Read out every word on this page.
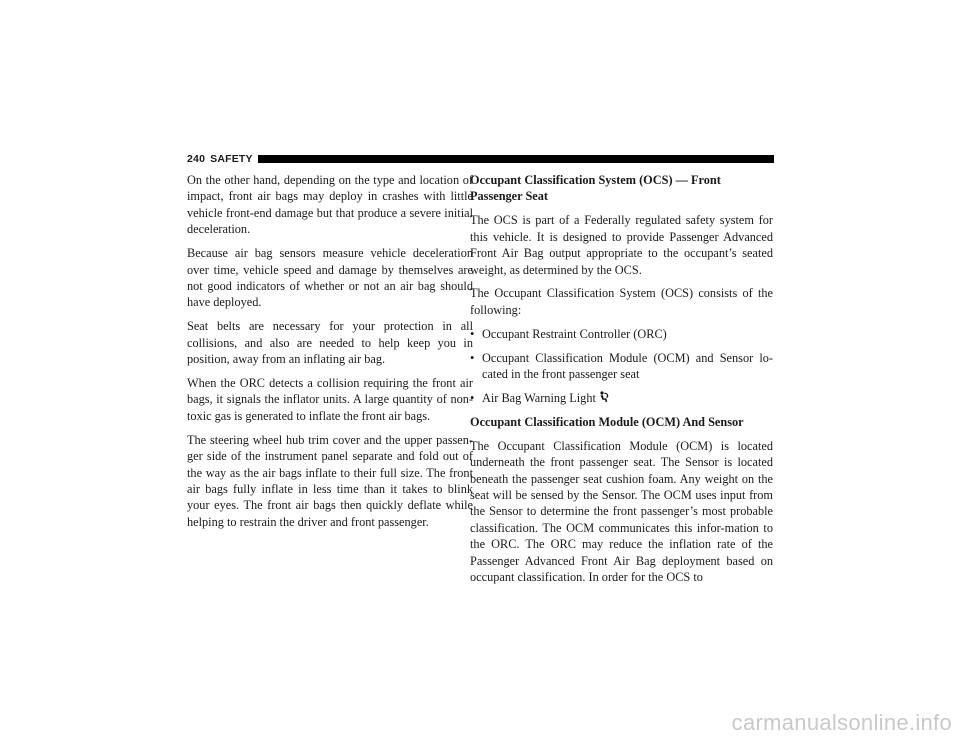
240 SAFETY

On the other hand, depending on the type and location of impact, front air bags may deploy in crashes with little vehicle front-end damage but that produce a severe initial deceleration.

Because air bag sensors measure vehicle deceleration over time, vehicle speed and damage by themselves are not good indicators of whether or not an air bag should have deployed.

Seat belts are necessary for your protection in all collisions, and also are needed to help keep you in position, away from an inflating air bag.

When the ORC detects a collision requiring the front air bags, it signals the inflator units. A large quantity of non-toxic gas is generated to inflate the front air bags.

The steering wheel hub trim cover and the upper passen-ger side of the instrument panel separate and fold out of the way as the air bags inflate to their full size. The front air bags fully inflate in less time than it takes to blink your eyes. The front air bags then quickly deflate while helping to restrain the driver and front passenger.

Occupant Classification System (OCS) — Front Passenger Seat

The OCS is part of a Federally regulated safety system for this vehicle. It is designed to provide Passenger Advanced Front Air Bag output appropriate to the occupant’s seated weight, as determined by the OCS.

The Occupant Classification System (OCS) consists of the following:

• Occupant Restraint Controller (ORC)
• Occupant Classification Module (OCM) and Sensor lo-cated in the front passenger seat
• Air Bag Warning Light
Occupant Classification Module (OCM) And Sensor

The Occupant Classification Module (OCM) is located underneath the front passenger seat. The Sensor is located beneath the passenger seat cushion foam. Any weight on the seat will be sensed by the Sensor. The OCM uses input from the Sensor to determine the front passenger’s most probable classification. The OCM communicates this infor-mation to the ORC. The ORC may reduce the inflation rate of the Passenger Advanced Front Air Bag deployment based on occupant classification. In order for the OCS to

carmanualsonline.info
